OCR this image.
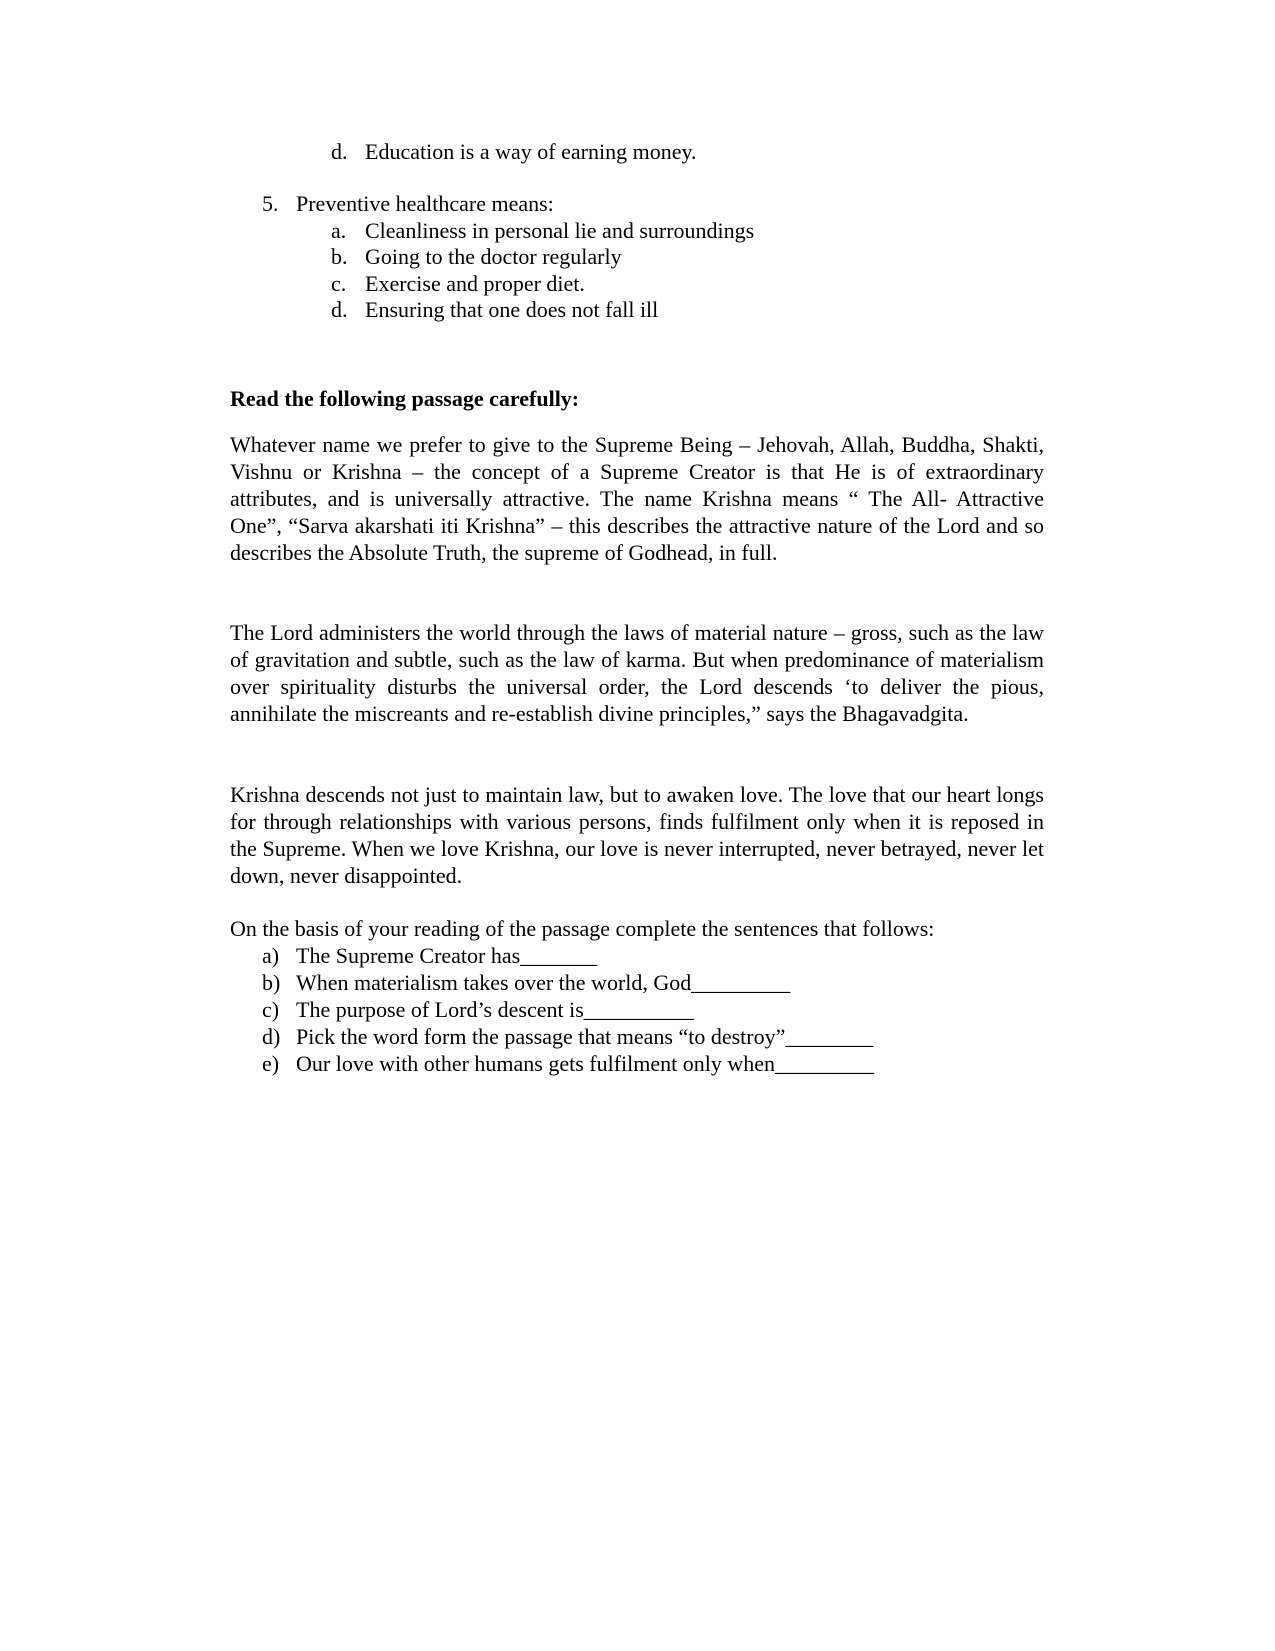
d. Education is a way of earning money.
5. Preventive healthcare means:
a. Cleanliness in personal lie and surroundings
b. Going to the doctor regularly
c. Exercise and proper diet.
d. Ensuring that one does not fall ill
Read the following passage carefully:
Whatever name we prefer to give to the Supreme Being – Jehovah, Allah, Buddha, Shakti, Vishnu or Krishna – the concept of a Supreme Creator is that He is of extraordinary attributes, and is universally attractive. The name Krishna means “ The All- Attractive One”, “Sarva akarshati iti Krishna” – this describes the attractive nature of the Lord and so describes the Absolute Truth, the supreme of Godhead, in full.
The Lord administers the world through the laws of material nature – gross, such as the law of gravitation and subtle, such as the law of karma. But when predominance of materialism over spirituality disturbs the universal order, the Lord descends ‘to deliver the pious, annihilate the miscreants and re-establish divine principles,” says the Bhagavadgita.
Krishna descends not just to maintain law, but to awaken love. The love that our heart longs for through relationships with various persons, finds fulfilment only when it is reposed in the Supreme. When we love Krishna, our love is never interrupted, never betrayed, never let down, never disappointed.
On the basis of your reading of the passage complete the sentences that follows:
a) The Supreme Creator has_______
b) When materialism takes over the world, God_________
c) The purpose of Lord’s descent is__________
d) Pick the word form the passage that means “to destroy”________
e) Our love with other humans gets fulfilment only when_________
